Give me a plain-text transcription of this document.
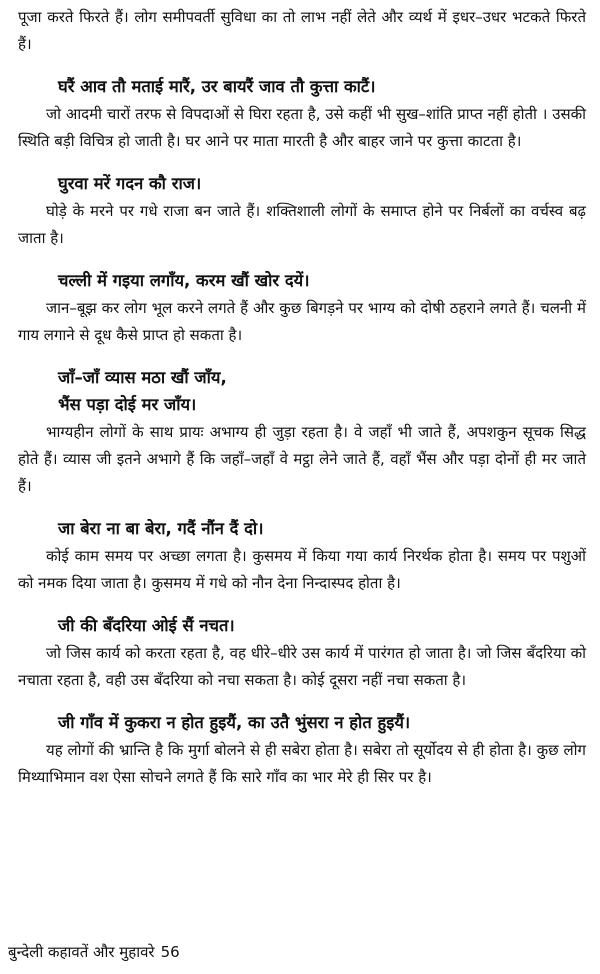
पूजा करते फिरते हैं। लोग समीपवर्ती सुविधा का तो लाभ नहीं लेते और व्यर्थ में इधर–उधर भटकते फिरते हैं।

घरैं आव तौ मताई मारैं, उर बायरैं जाव तौ कुत्ता काटैं।

जो आदमी चारों तरफ से विपदाओं से घिरा रहता है, उसे कहीं भी सुख–शांति प्राप्त नहीं होती । उसकी स्थिति बड़ी विचित्र हो जाती है। घर आने पर माता मारती है और बाहर जाने पर कुत्ता काटता है।

घुरवा मरें गदन कौ राज।

घोड़े के मरने पर गधे राजा बन जाते हैं। शक्तिशाली लोगों के समाप्त होने पर निर्बलों का वर्चस्व बढ़ जाता है।

चल्ली में गइया लगाँय, करम खौं खोर दयें।

जान–बूझ कर लोग भूल करने लगते हैं और कुछ बिगड़ने पर भाग्य को दोषी ठहराने लगते हैं। चलनी में गाय लगाने से दूध कैसे प्राप्त हो सकता है।

जाँ–जाँ व्यास मठा खौं जाँय,

भैंस पड़ा दोई मर जाँय।

भाग्यहीन लोगों के साथ प्रायः अभाग्य ही जुड़ा रहता है। वे जहाँ भी जाते हैं, अपशकुन सूचक सिद्ध होते हैं। व्यास जी इतने अभागे हैं कि जहाँ–जहाँ वे मट्ठा लेने जाते हैं, वहाँ भैंस और पड़ा दोनों ही मर जाते हैं।

जा बेरा ना बा बेरा, गदैं नौंन दैं दो।

कोई काम समय पर अच्छा लगता है। कुसमय में किया गया कार्य निरर्थक होता है। समय पर पशुओं को नमक दिया जाता है। कुसमय में गधे को नौन देना निन्दास्पद होता है।

जी की बँदरिया ओई सैं नचत।

जो जिस कार्य को करता रहता है, वह धीरे–धीरे उस कार्य में पारंगत हो जाता है। जो जिस बँदरिया को नचाता रहता है, वही उस बँदरिया को नचा सकता है। कोई दूसरा नहीं नचा सकता है।

जी गाँव में कुकरा न होत हुइयैं, का उतै भुंसरा न होत हुइयैं।

यह लोगों की भ्रान्ति है कि मुर्गा बोलने से ही सबेरा होता है। सबेरा तो सूर्योदय से ही होता है। कुछ लोग मिथ्याभिमान वश ऐसा सोचने लगते हैं कि सारे गाँव का भार मेरे ही सिर पर है।

बुन्देली कहावतें और मुहावरे 56
